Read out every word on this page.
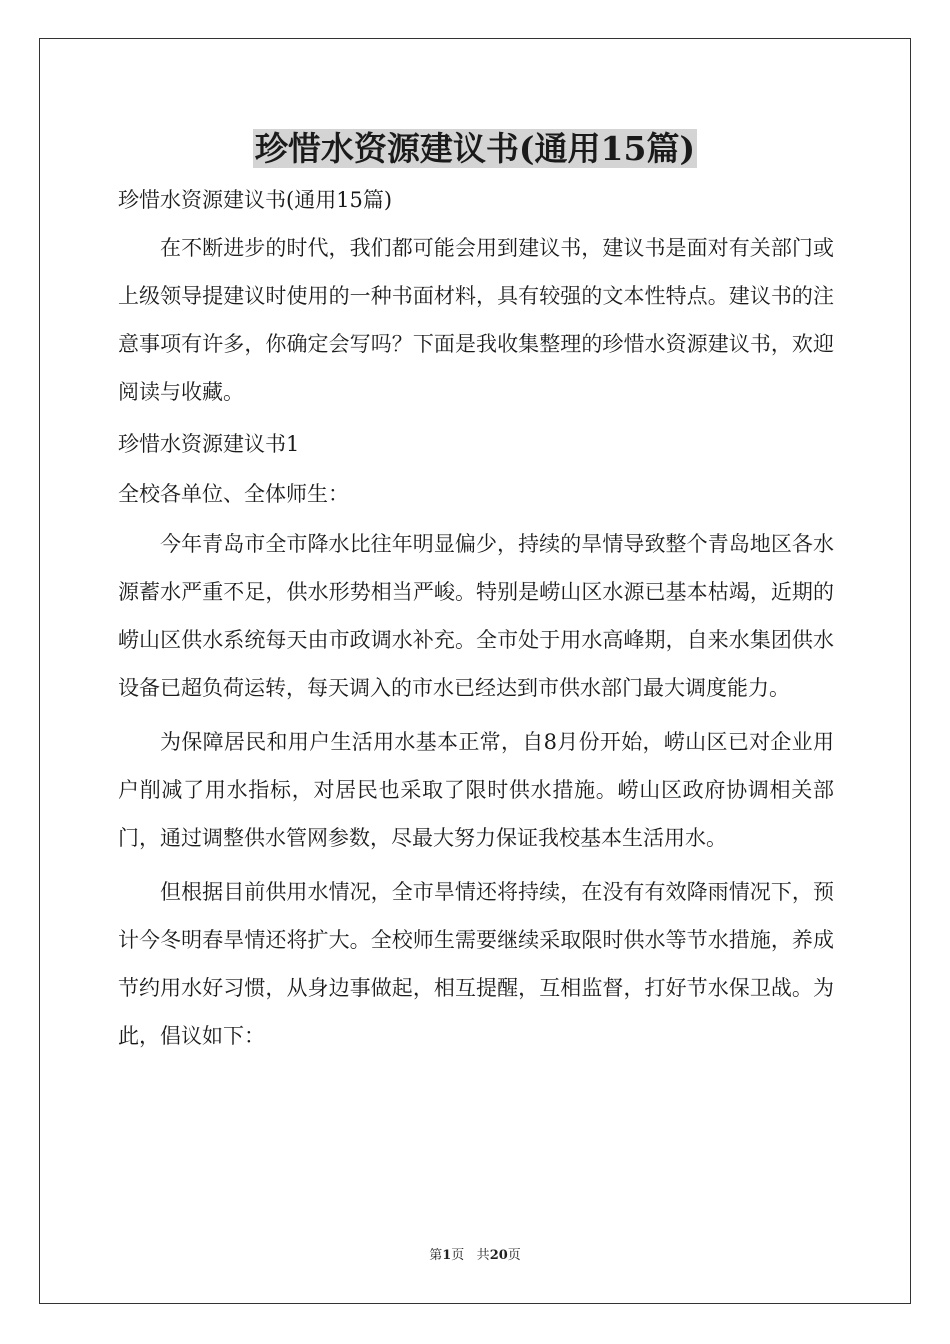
珍惜水资源建议书(通用15篇)
珍惜水资源建议书(通用15篇)

在不断进步的时代，我们都可能会用到建议书，建议书是面对有关部门或上级领导提建议时使用的一种书面材料，具有较强的文本性特点。建议书的注意事项有许多，你确定会写吗？下面是我收集整理的珍惜水资源建议书，欢迎阅读与收藏。

珍惜水资源建议书1
全校各单位、全体师生：

今年青岛市全市降水比往年明显偏少，持续的旱情导致整个青岛地区各水源蓄水严重不足，供水形势相当严峻。特别是崂山区水源已基本枯竭，近期的崂山区供水系统每天由市政调水补充。全市处于用水高峰期，自来水集团供水设备已超负荷运转，每天调入的市水已经达到市供水部门最大调度能力。

为保障居民和用户生活用水基本正常，自8月份开始，崂山区已对企业用户削减了用水指标，对居民也采取了限时供水措施。崂山区政府协调相关部门，通过调整供水管网参数，尽最大努力保证我校基本生活用水。

但根据目前供用水情况，全市旱情还将持续，在没有有效降雨情况下，预计今冬明春旱情还将扩大。全校师生需要继续采取限时供水等节水措施，养成节约用水好习惯，从身边事做起，相互提醒，互相监督，打好节水保卫战。为此，倡议如下：

第1页 共20页
